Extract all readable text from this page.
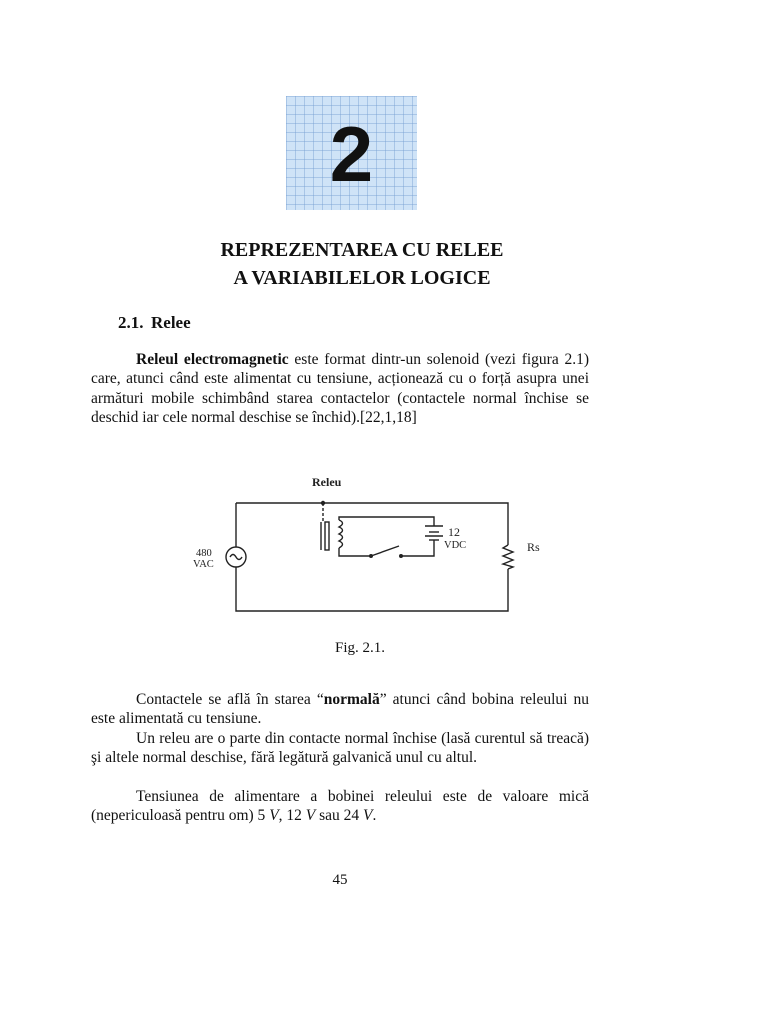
2
REPREZENTAREA CU RELEE
A VARIABILELOR LOGICE
2.1. Relee

Releul electromagnetic este format dintr-un solenoid (vezi figura 2.1) care, atunci când este alimentat cu tensiune, acționează cu o forță asupra unei armături mobile schimbând starea contactelor (contactele normal închise se deschid iar cele normal deschise se închid).[22,1,18]

Releu
480
VAC
12
VDC	Rs
Fig. 2.1.

Contactele se află în starea “normală” atunci când bobina releului nu este alimentată cu tensiune.

Un releu are o parte din contacte normal închise (lasă curentul să treacă) şi altele normal deschise, fără legătură galvanică unul cu altul.

Tensiunea de alimentare a bobinei releului este de valoare mică (nepericuloasă pentru om) 5 V, 12 V sau 24 V.

45
